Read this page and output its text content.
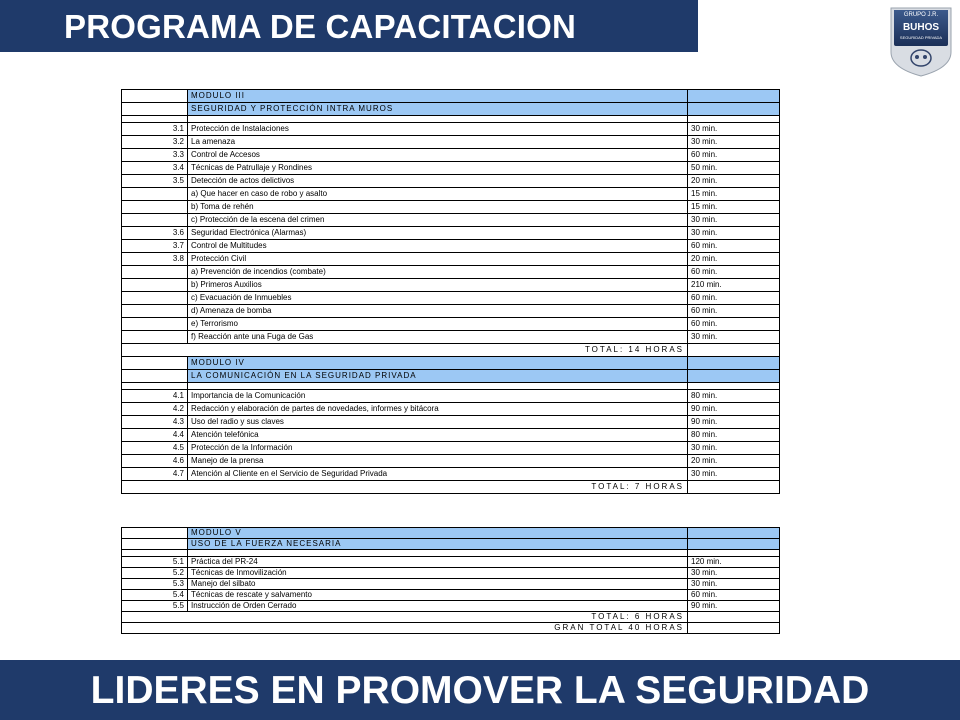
PROGRAMA DE CAPACITACION	GRUPO J.R.
BUHOS
SEGURIDAD PRIVADA
	MODULO III	
	SEGURIDAD Y PROTECCIÓN INTRA MUROS	

3.1	Protección de Instalaciones	30 min.
3.2	La amenaza	30 min.
3.3	Control de Accesos	60 min.
3.4	Técnicas de Patrullaje y Rondines	50 min.
3.5	Detección de actos delictivos	20 min.
	a) Que hacer en caso de robo y asalto	15 min.
	b) Toma de rehén	15 min.
	c) Protección de la escena del crimen	30 min.
3.6	Seguridad Electrónica (Alarmas)	30 min.
3.7	Control de Multitudes	60 min.
3.8	Protección Civil	20 min.
	a) Prevención de incendios (combate)	60 min.
	b) Primeros Auxilios	210 min.
	c) Evacuación de Inmuebles	60 min.
	d) Amenaza de bomba	60 min.
	e) Terrorismo	60 min.
	f) Reacción ante una Fuga de Gas	30 min.
TOTAL: 14 HORAS		
	MODULO IV	
	LA COMUNICACIÓN EN LA SEGURIDAD PRIVADA	

4.1	Importancia de la Comunicación	80 min.
4.2	Redacción y elaboración de partes de novedades, informes y bitácora	90 min.
4.3	Uso del radio y sus claves	90 min.
4.4	Atención telefónica	80 min.
4.5	Protección de la Información	30 min.
4.6	Manejo de la prensa	20 min.
4.7	Atención al Cliente en el Servicio de Seguridad Privada	30 min.
TOTAL: 7 HORAS		
	MODULO V	
	USO DE LA FUERZA NECESARIA	

5.1	Práctica del PR-24	120 min.
5.2	Técnicas de Inmovilización	30 min.
5.3	Manejo del silbato	30 min.
5.4	Técnicas de rescate y salvamento	60 min.
5.5	Instrucción de Orden Cerrado	90 min.
TOTAL: 6 HORAS		
GRAN TOTAL 40 HORAS		
LIDERES EN PROMOVER LA SEGURIDAD
